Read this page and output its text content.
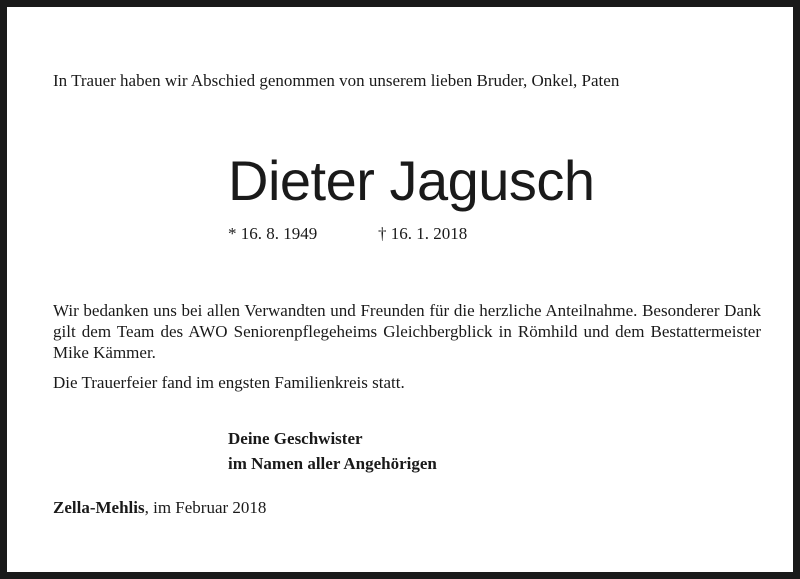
In Trauer haben wir Abschied genommen von unserem lieben Bruder, Onkel, Paten
Dieter Jagusch
* 16. 8. 1949	† 16. 1. 2018
Wir bedanken uns bei allen Verwandten und Freunden für die herzliche Anteilnahme. Besonderer Dank gilt dem Team des AWO Seniorenpflegeheims Gleichbergblick in Römhild und dem Bestattermeister Mike Kämmer.
Die Trauerfeier fand im engsten Familienkreis statt.
Deine Geschwister
im Namen aller Angehörigen
Zella-Mehlis, im Februar 2018
